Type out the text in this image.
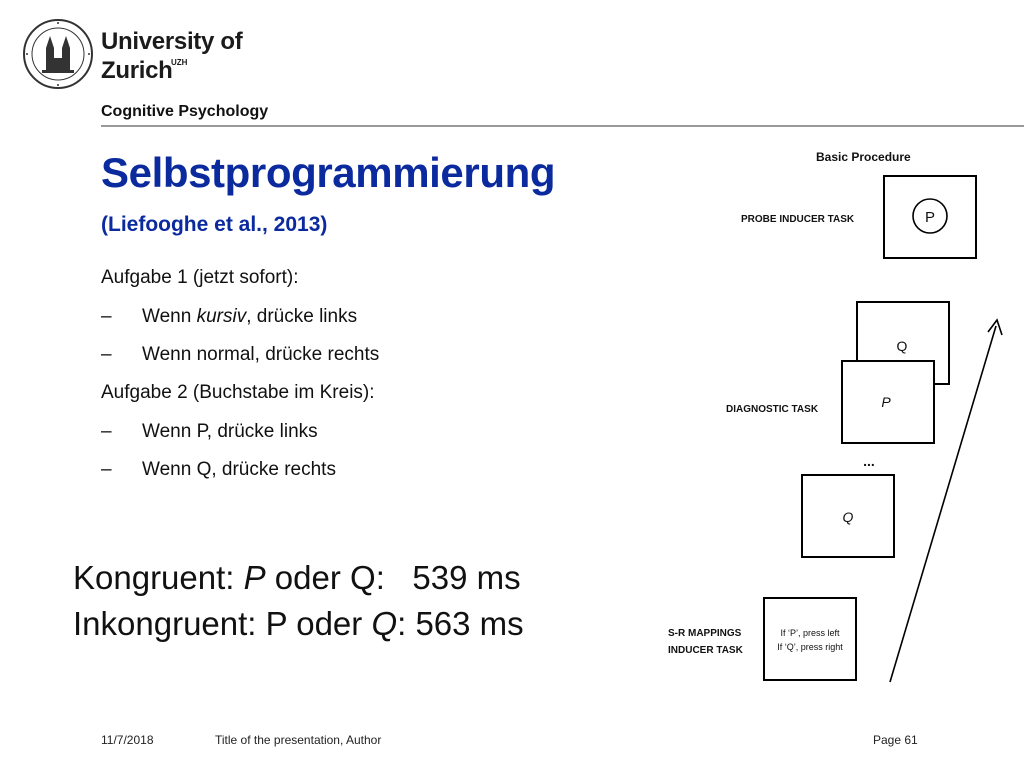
University of
Zurich
UZH
Cognitive Psychology
Selbstprogrammierung
(Liefooghe et al., 2013)
Aufgabe 1 (jetzt sofort):
– Wenn kursiv, drücke links
– Wenn normal, drücke rechts
Aufgabe 2 (Buchstabe im Kreis):
– Wenn P, drücke links
– Wenn Q, drücke rechts
Kongruent: P oder Q: 539 ms
Inkongruent: P oder Q: 563 ms
Basic Procedure
PROBE INDUCER TASK	P
Q
P
DIAGNOSTIC TASK
...
Q
S-R MAPPINGS
INDUCER TASK
If ‘P’, press left
If ‘Q’, press right
11/7/2018	Title of the presentation, Author	Page 61
